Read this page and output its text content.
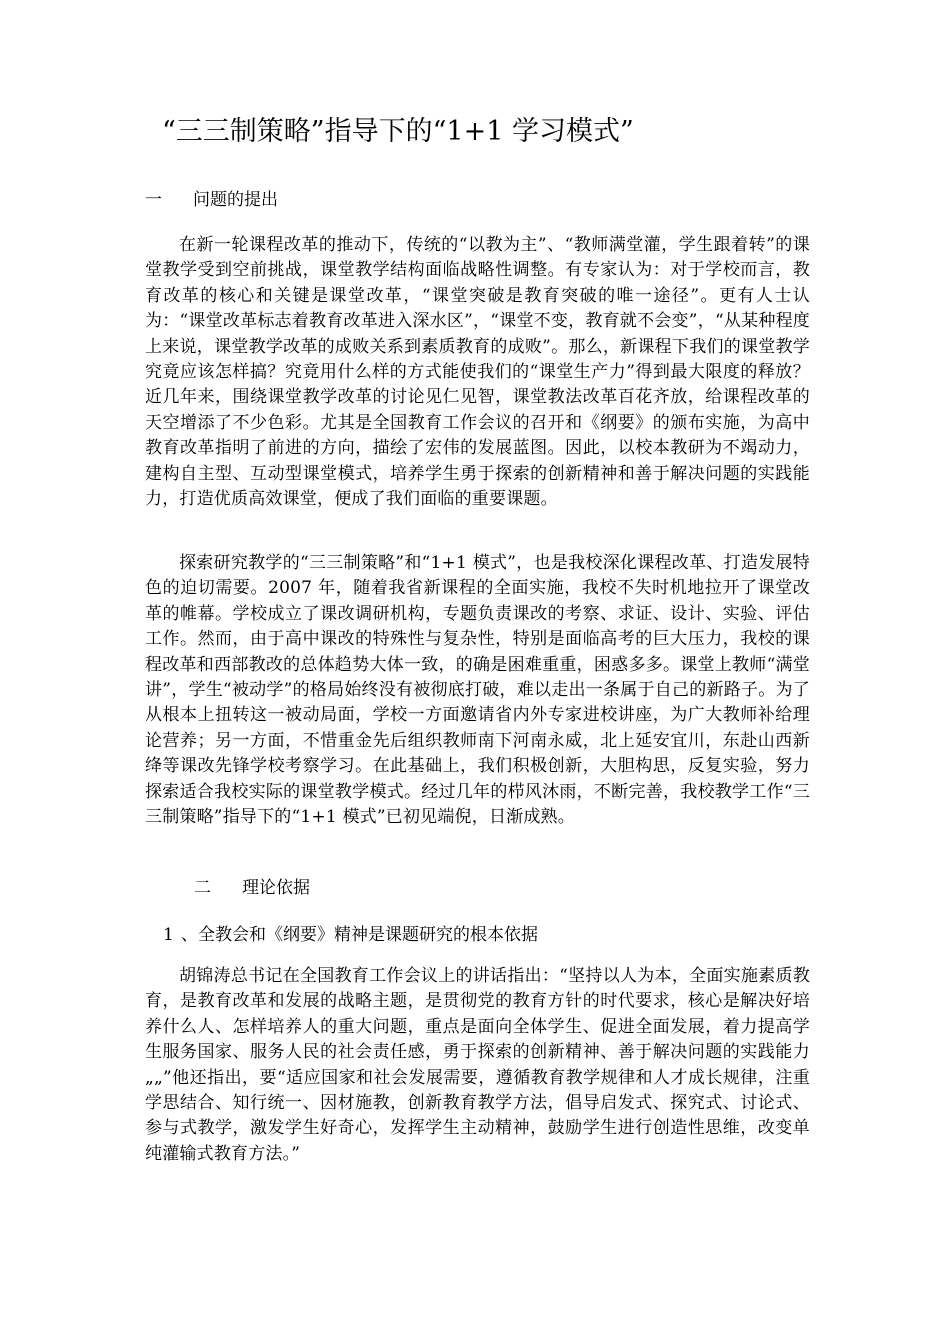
“三三制策略”指导下的“1+1 学习模式”
一 问题的提出
在新一轮课程改革的推动下，传统的“以教为主”、“教师满堂灌，学生跟着转”的课堂教学受到空前挑战，课堂教学结构面临战略性调整。有专家认为：对于学校而言，教育改革的核心和关键是课堂改革，“课堂突破是教育突破的唯一途径”。更有人士认为：“课堂改革标志着教育改革进入深水区”，“课堂不变，教育就不会变”，“从某种程度上来说，课堂教学改革的成败关系到素质教育的成败”。那么，新课程下我们的课堂教学究竟应该怎样搞？究竟用什么样的方式能使我们的“课堂生产力”得到最大限度的释放？近几年来，围绕课堂教学改革的讨论见仁见智，课堂教法改革百花齐放，给课程改革的天空增添了不少色彩。尤其是全国教育工作会议的召开和《纲要》的颁布实施，为高中教育改革指明了前进的方向，描绘了宏伟的发展蓝图。因此，以校本教研为不竭动力，建构自主型、互动型课堂模式，培养学生勇于探索的创新精神和善于解决问题的实践能力，打造优质高效课堂，便成了我们面临的重要课题。
探索研究教学的“三三制策略”和“1+1 模式”，也是我校深化课程改革、打造发展特色的迫切需要。2007 年，随着我省新课程的全面实施，我校不失时机地拉开了课堂改革的帷幕。学校成立了课改调研机构，专题负责课改的考察、求证、设计、实验、评估工作。然而，由于高中课改的特殊性与复杂性，特别是面临高考的巨大压力，我校的课程改革和西部教改的总体趋势大体一致，的确是困难重重，困惑多多。课堂上教师“满堂讲”，学生“被动学”的格局始终没有被彻底打破，难以走出一条属于自己的新路子。为了从根本上扭转这一被动局面，学校一方面邀请省内外专家进校讲座，为广大教师补给理论营养；另一方面，不惜重金先后组织教师南下河南永威，北上延安宜川，东赴山西新绛等课改先锋学校考察学习。在此基础上，我们积极创新，大胆构思，反复实验，努力探索适合我校实际的课堂教学模式。经过几年的栉风沐雨，不断完善，我校教学工作“三三制策略”指导下的“1+1 模式”已初见端倪，日渐成熟。
二 理论依据
1 、全教会和《纲要》精神是课题研究的根本依据
胡锦涛总书记在全国教育工作会议上的讲话指出：“坚持以人为本，全面实施素质教育，是教育改革和发展的战略主题，是贯彻党的教育方针的时代要求，核心是解决好培养什么人、怎样培养人的重大问题，重点是面向全体学生、促进全面发展，着力提高学生服务国家、服务人民的社会责任感，勇于探索的创新精神、善于解决问题的实践能力„„”他还指出，要“适应国家和社会发展需要，遵循教育教学规律和人才成长规律，注重学思结合、知行统一、因材施教，创新教育教学方法，倡导启发式、探究式、讨论式、参与式教学，激发学生好奇心，发挥学生主动精神，鼓励学生进行创造性思维，改变单纯灌输式教育方法。”
